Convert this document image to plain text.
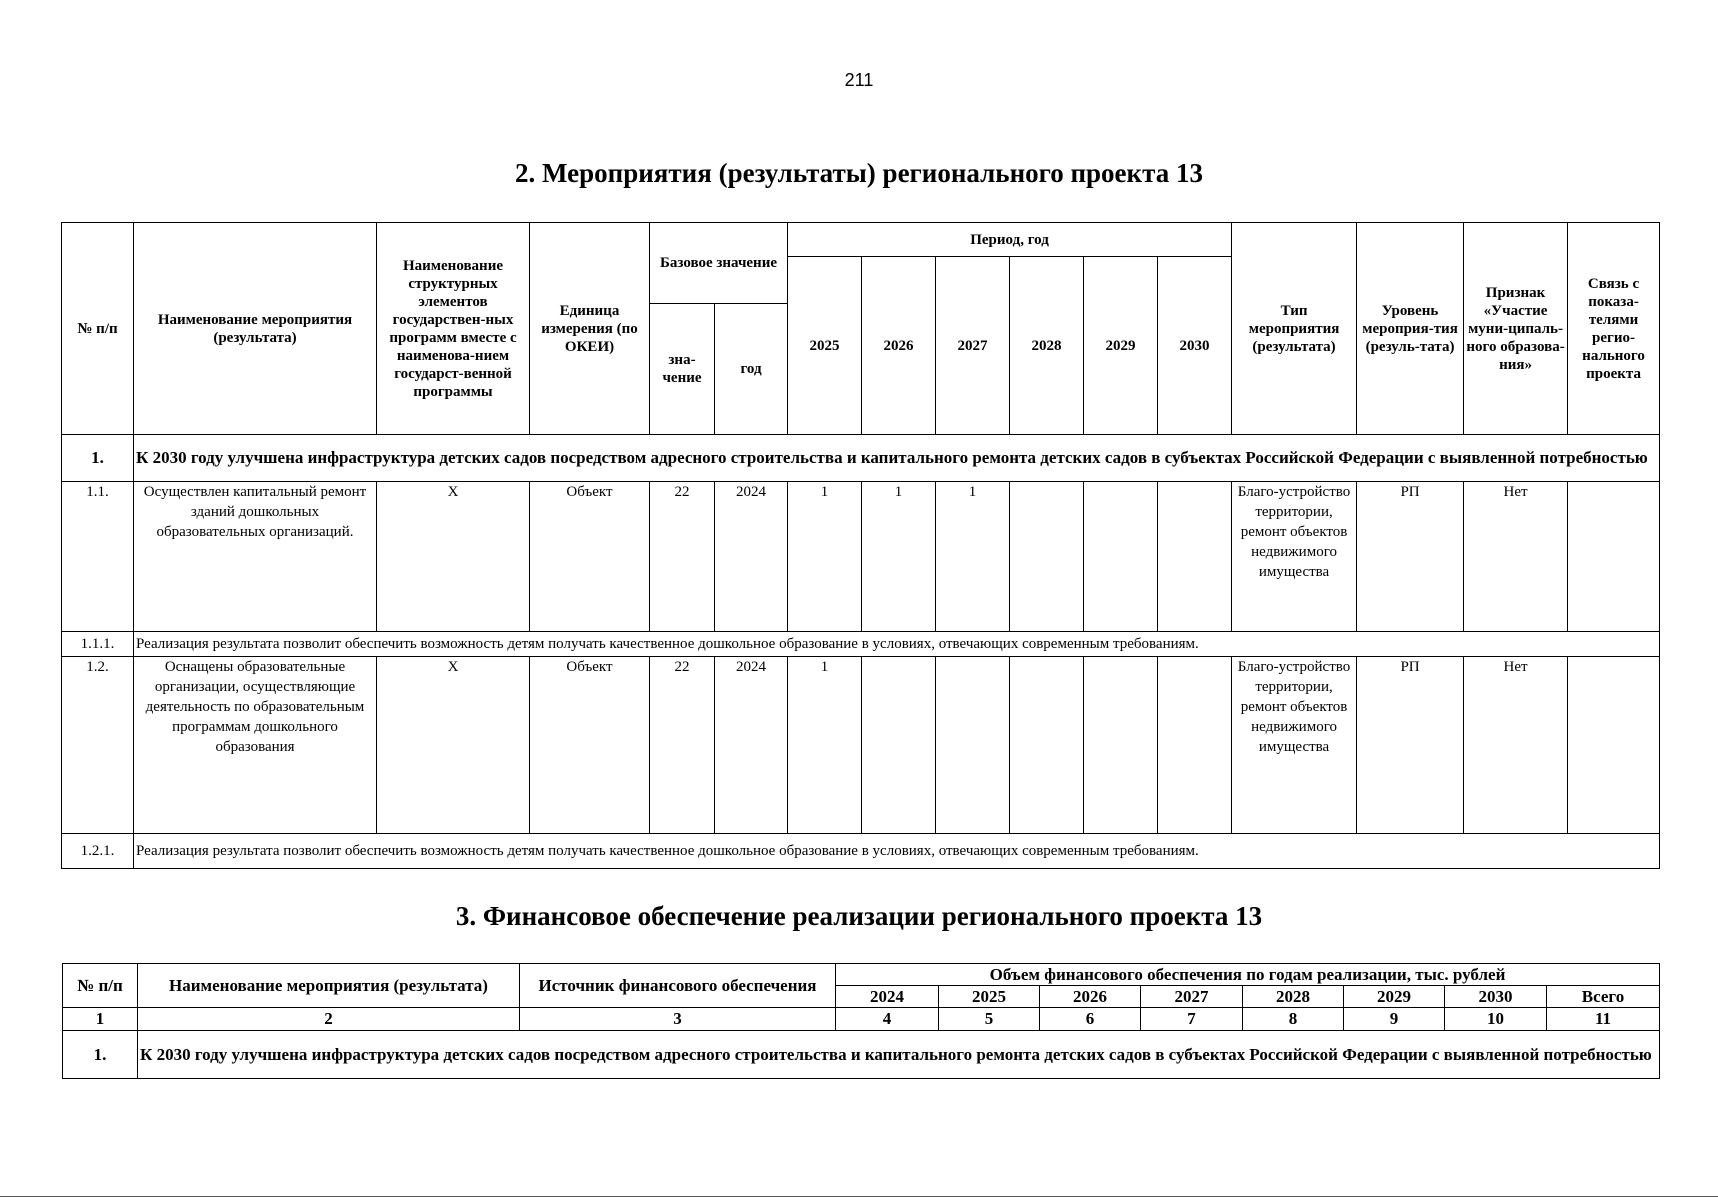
211
2. Мероприятия (результаты) регионального проекта 13
№ п/п	Наименование мероприятия (результата)	Наименование структурных элементов государствен-ных программ вместе с наименова-нием государст-венной программы	Единица измерения (по ОКЕИ)	Базовое значение		Период, год						Тип мероприятия (результата)	Уровень мероприя-тия (резуль-тата)	Признак «Участие муни-ципаль-ного образова-ния»	Связь с показа-телями регио-нального проекта
						2025	2026	2027	2028	2029	2030				
				зна-чение	год										
1.	К 2030 году улучшена инфраструктура детских садов посредством адресного строительства и капитального ремонта детских садов в субъектах Российской Федерации с выявленной потребностью														
1.1.	Осуществлен капитальный ремонт зданий дошкольных образовательных организаций.	Х	Объект	22	2024	1	1	1				Благо-устройство территории, ремонт объектов недвижимого имущества	РП	Нет	
1.1.1.	Реализация результата позволит обеспечить возможность детям получать качественное дошкольное образование в условиях, отвечающих современным требованиям.														
1.2.	Оснащены образовательные организации, осуществляющие деятельность по образовательным программам дошкольного образования	Х	Объект	22	2024	1						Благо-устройство территории, ремонт объектов недвижимого имущества	РП	Нет	
1.2.1.	Реализация результата позволит обеспечить возможность детям получать качественное дошкольное образование в условиях, отвечающих современным требованиям.														
3. Финансовое обеспечение реализации регионального проекта 13
№ п/п	Наименование мероприятия (результата)	Источник финансового обеспечения	Объем финансового обеспечения по годам реализации, тыс. рублей							
			2024	2025	2026	2027	2028	2029	2030	Всего
1	2	3	4	5	6	7	8	9	10	11
1.	К 2030 году улучшена инфраструктура детских садов посредством адресного строительства и капитального ремонта детских садов в субъектах Российской Федерации с выявленной потребностью									
